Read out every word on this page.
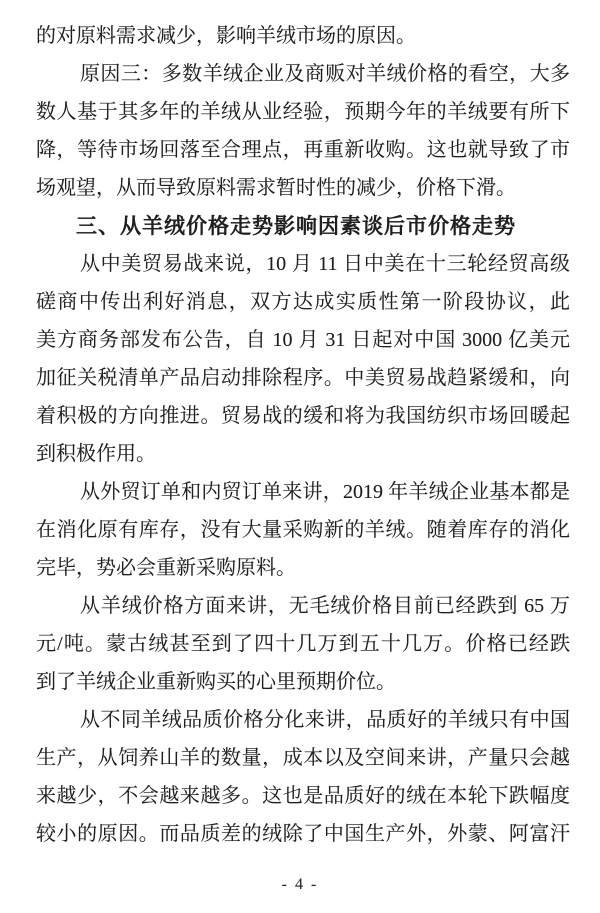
的对原料需求减少，影响羊绒市场的原因。
原因三：多数羊绒企业及商贩对羊绒价格的看空，大多
数人基于其多年的羊绒从业经验，预期今年的羊绒要有所下
降，等待市场回落至合理点，再重新收购。这也就导致了市
场观望，从而导致原料需求暂时性的减少，价格下滑。
三、从羊绒价格走势影响因素谈后市价格走势
从中美贸易战来说，10 月 11 日中美在十三轮经贸高级
磋商中传出利好消息，双方达成实质性第一阶段协议，此
美方商务部发布公告，自 10 月 31 日起对中国 3000 亿美元
加征关税清单产品启动排除程序。中美贸易战趋紧缓和，向
着积极的方向推进。贸易战的缓和将为我国纺织市场回暖起
到积极作用。
从外贸订单和内贸订单来讲，2019 年羊绒企业基本都是
在消化原有库存，没有大量采购新的羊绒。随着库存的消化
完毕，势必会重新采购原料。
从羊绒价格方面来讲，无毛绒价格目前已经跌到 65 万
元/吨。蒙古绒甚至到了四十几万到五十几万。价格已经跌
到了羊绒企业重新购买的心里预期价位。
从不同羊绒品质价格分化来讲，品质好的羊绒只有中国
生产，从饲养山羊的数量，成本以及空间来讲，产量只会越
来越少，不会越来越多。这也是品质好的绒在本轮下跌幅度
较小的原因。而品质差的绒除了中国生产外，外蒙、阿富汗
- 4 -
